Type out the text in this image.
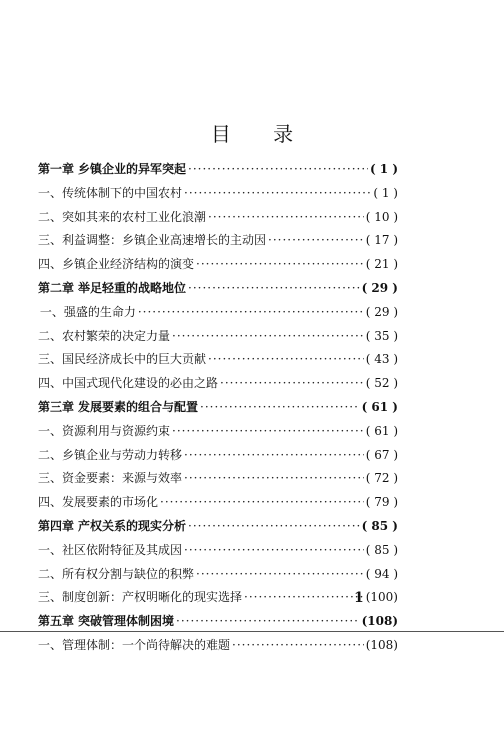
目 录
第一章 乡镇企业的异军突起 ·····	( 1 )
一、 传统体制下的中国农村 ·····	( 1 )
二、 突如其来的农村工业化浪潮 ·····	( 10 )
三、 利益调整：乡镇企业高速增长的主动因 ·····	( 17 )
四、 乡镇企业经济结构的演变 ·····	( 21 )
第二章 举足轻重的战略地位 ·····	( 29 )
一、 强盛的生命力 ·····	( 29 )
二、 农村繁荣的决定力量 ·····	( 35 )
三、 国民经济成长中的巨大贡献 ·····	( 43 )
四、 中国式现代化建设的必由之路 ·····	( 52 )
第三章 发展要素的组合与配置 ·····	( 61 )
一、 资源利用与资源约束 ·····	( 61 )
二、 乡镇企业与劳动力转移 ·····	( 67 )
三、 资金要素：来源与效率 ·····	( 72 )
四、 发展要素的市场化 ·····	( 79 )
第四章 产权关系的现实分析 ·····	( 85 )
一、 社区依附特征及其成因 ·····	( 85 )
二、 所有权分割与缺位的积弊 ·····	( 94 )
三、 制度创新：产权明晰化的现实选择 ·····	(100)
第五章 突破管理体制困境 ·····	(108)
一、 管理体制：一个尚待解决的难题 ·····	(108)
1
